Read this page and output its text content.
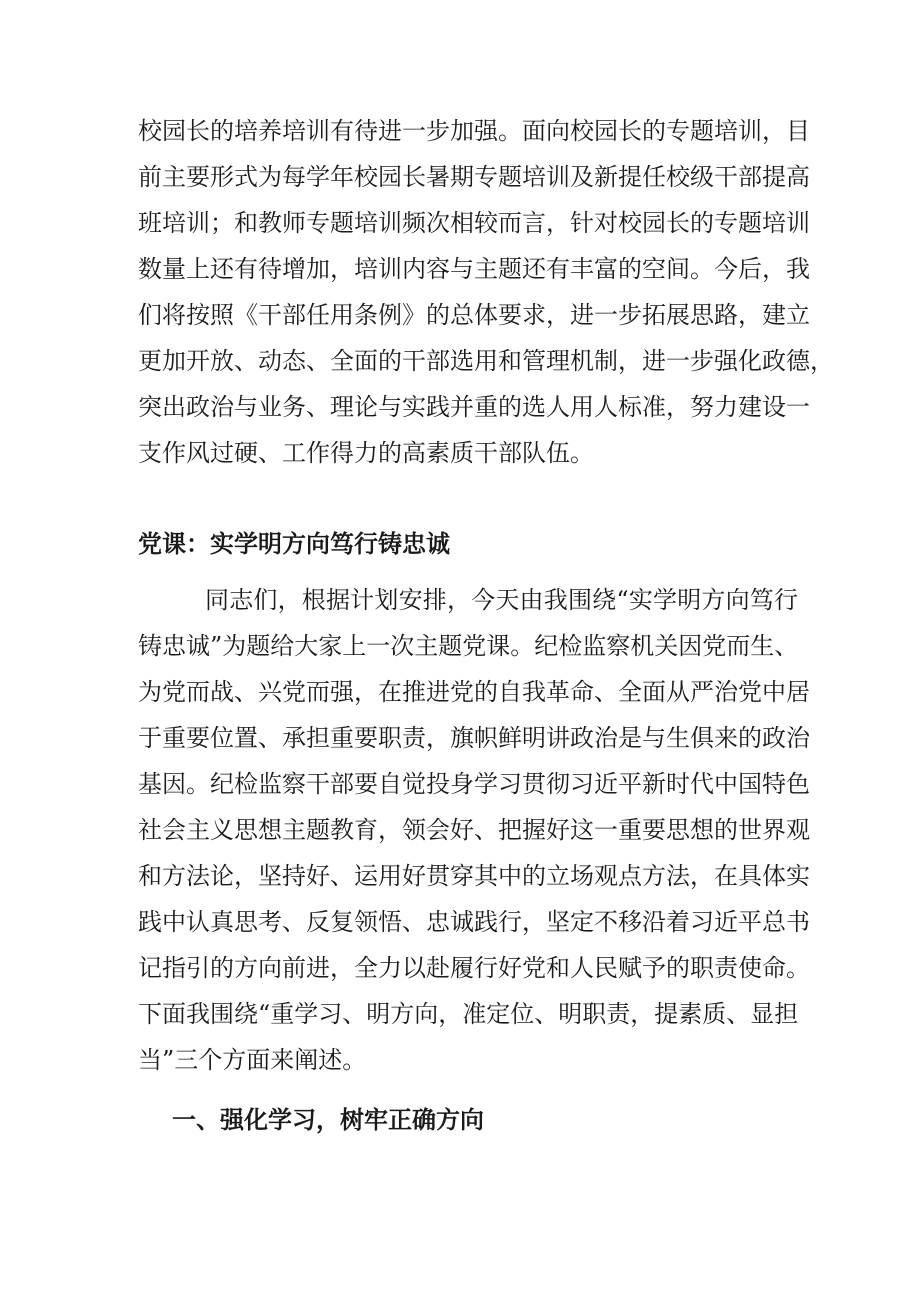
校园长的培养培训有待进一步加强。面向校园长的专题培训，目

前主要形式为每学年校园长暑期专题培训及新提任校级干部提高

班培训；和教师专题培训频次相较而言，针对校园长的专题培训

数量上还有待增加，培训内容与主题还有丰富的空间。今后，我

们将按照《干部任用条例》的总体要求，进一步拓展思路，建立

更加开放、动态、全面的干部选用和管理机制，进一步强化政德，

突出政治与业务、理论与实践并重的选人用人标准，努力建设一

支作风过硬、工作得力的高素质干部队伍。

党课：实学明方向笃行铸忠诚

同志们，根据计划安排，今天由我围绕“实学明方向笃行

铸忠诚”为题给大家上一次主题党课。纪检监察机关因党而生、

为党而战、兴党而强，在推进党的自我革命、全面从严治党中居

于重要位置、承担重要职责，旗帜鲜明讲政治是与生俱来的政治

基因。纪检监察干部要自觉投身学习贯彻习近平新时代中国特色

社会主义思想主题教育，领会好、把握好这一重要思想的世界观

和方法论，坚持好、运用好贯穿其中的立场观点方法，在具体实

践中认真思考、反复领悟、忠诚践行，坚定不移沿着习近平总书

记指引的方向前进，全力以赴履行好党和人民赋予的职责使命。

下面我围绕“重学习、明方向，准定位、明职责，提素质、显担

当”三个方面来阐述。

一、强化学习，树牢正确方向
